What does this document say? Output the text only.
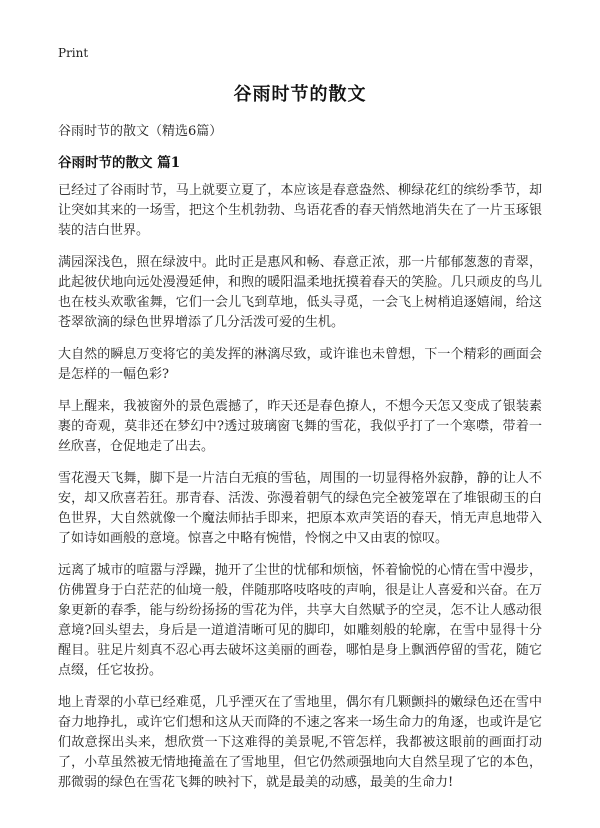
Print
谷雨时节的散文
谷雨时节的散文（精选6篇）
谷雨时节的散文 篇1

已经过了谷雨时节，马上就要立夏了，本应该是春意盎然、柳绿花红的缤纷季节，却让突如其来的一场雪，把这个生机勃勃、鸟语花香的春天悄然地消失在了一片玉琢银装的洁白世界。

满园深浅色，照在绿波中。此时正是惠风和畅、春意正浓，那一片郁郁葱葱的青翠，此起彼伏地向远处漫漫延伸，和煦的暖阳温柔地抚摸着春天的笑脸。几只顽皮的鸟儿也在枝头欢歌雀舞，它们一会儿飞到草地，低头寻觅，一会飞上树梢追逐嬉闹，给这苍翠欲滴的绿色世界增添了几分活泼可爱的生机。

大自然的瞬息万变将它的美发挥的淋漓尽致，或许谁也未曾想，下一个精彩的画面会是怎样的一幅色彩?

早上醒来，我被窗外的景色震撼了，昨天还是春色撩人，不想今天怎又变成了银装素裹的奇观，莫非还在梦幻中?透过玻璃窗飞舞的雪花，我似乎打了一个寒噤，带着一丝欣喜，仓促地走了出去。

雪花漫天飞舞，脚下是一片洁白无痕的雪毡，周围的一切显得格外寂静，静的让人不安，却又欣喜若狂。那青春、活泼、弥漫着朝气的绿色完全被笼罩在了堆银砌玉的白色世界，大自然就像一个魔法师拈手即来，把原本欢声笑语的春天，悄无声息地带入了如诗如画般的意境。惊喜之中略有惋惜，怜悯之中又由衷的惊叹。

远离了城市的喧嚣与浮躁，抛开了尘世的忧郁和烦恼，怀着愉悦的心情在雪中漫步，仿佛置身于白茫茫的仙境一般，伴随那咯吱咯吱的声响，很是让人喜爱和兴奋。在万象更新的春季，能与纷纷扬扬的雪花为伴，共享大自然赋予的空灵，怎不让人感动很意境?回头望去，身后是一道道清晰可见的脚印，如雕刻般的轮廓，在雪中显得十分醒目。驻足片刻真不忍心再去破坏这美丽的画卷，哪怕是身上飘洒停留的雪花，随它点缀，任它妆扮。

地上青翠的小草已经难觅，几乎湮灭在了雪地里，偶尔有几颗颤抖的嫩绿色还在雪中奋力地挣扎，或许它们想和这从天而降的不速之客来一场生命力的角逐，也或许是它们故意探出头来，想欣赏一下这难得的美景呢,不管怎样，我都被这眼前的画面打动了，小草虽然被无情地掩盖在了雪地里，但它仍然顽强地向大自然呈现了它的本色，那微弱的绿色在雪花飞舞的映衬下，就是最美的动感，最美的生命力!
